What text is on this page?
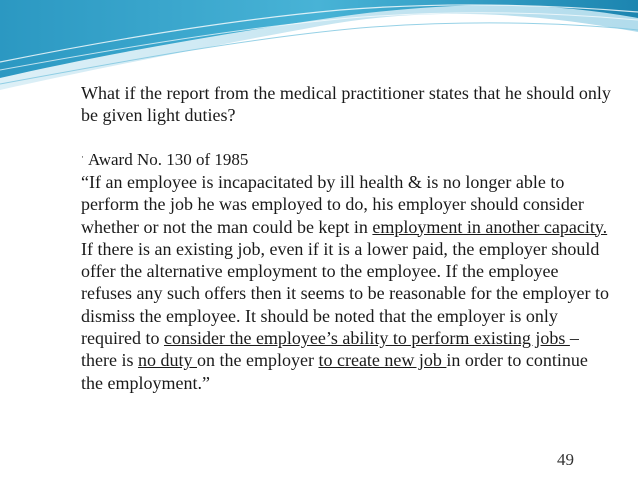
What if the report from the medical practitioner states that he should only be given light duties?

· Award No. 130 of 1985

“If an employee is incapacitated by ill health & is no longer able to perform the job he was employed to do, his employer should consider whether or not the man could be kept in employment in another capacity. If there is an existing job, even if it is a lower paid, the employer should offer the alternative employment to the employee. If the employee refuses any such offers then it seems to be reasonable for the employer to dismiss the employee. It should be noted that the employer is only required to consider the employee’s ability to perform existing jobs – there is no duty on the employer to create new job in order to continue the employment.”

49
